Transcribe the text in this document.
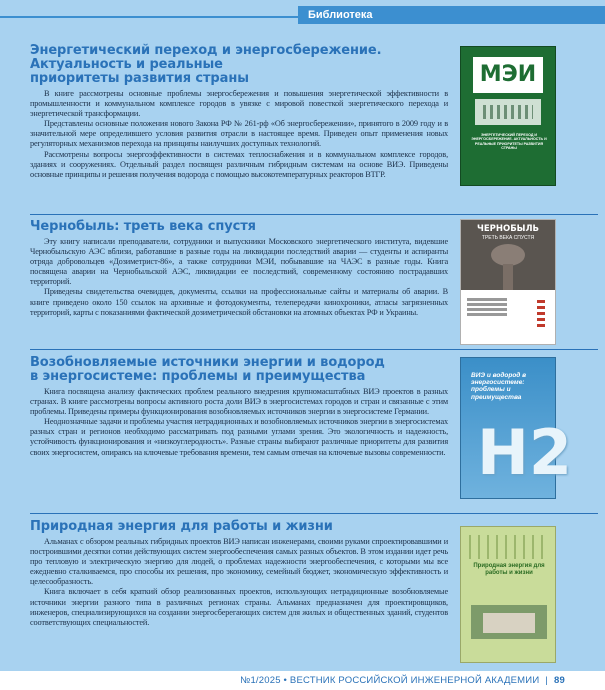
Библиотека
Энергетический переход и энергосбережение.
Актуальность и реальные
приоритеты развития страны

В книге рассмотрены основные проблемы энергосбережения и повышения энергетической эффективности в промышленности и коммунальном комплексе городов в увязке с мировой повесткой энергетического перехода и энергетической трансформации.

Представлены основные положения нового Закона РФ № 261-рф «Об энергосбережении», принятого в 2009 году и в значительной мере определившего условия развития отрасли в настоящее время. Приведен опыт применения новых регуляторных механизмов перехода на принципы наилучших доступных технологий.

Рассмотрены вопросы энергоэффективности в системах теплоснабжения и в коммунальном комплексе городов, зданиях и сооружениях. Отдельный раздел посвящен различным гибридным системам на основе ВИЭ. Приведены основные принципы и решения получения водорода с помощью высокотемпературных реакторов ВТГР.

МЭИ
ЭНЕРГЕТИЧЕСКИЙ ПЕРЕХОД И ЭНЕРГОСБЕРЕЖЕНИЕ. АКТУАЛЬНОСТЬ И РЕАЛЬНЫЕ ПРИОРИТЕТЫ РАЗВИТИЯ СТРАНЫ
Чернобыль: треть века спустя

Эту книгу написали преподаватели, сотрудники и выпускники Московского энергетического института, видевшие Чернобыльскую АЭС вблизи, работавшие в разные годы на ликвидации последствий аварии — студенты и аспиранты отряда добровольцев «Дозиметрист-86», а также сотрудники МЭИ, побывавшие на ЧАЭС в разные годы. Книга посвящена аварии на Чернобыльской АЭС, ликвидации ее последствий, современному состоянию пострадавших территорий.

Приведены свидетельства очевидцев, документы, ссылки на профессиональные сайты и материалы об аварии. В книге приведено около 150 ссылок на архивные и фотодокументы, телепередачи кинохроники, атласы загрязненных территорий, карты с показаниями фактической дозиметрической обстановки на атомных объектах РФ и Украины.

ЧЕРНОБЫЛЬ
ТРЕТЬ ВЕКА СПУСТЯ
Возобновляемые источники энергии и водород
в энергосистеме: проблемы и преимущества

Книга посвящена анализу фактических проблем реального внедрения крупномасштабных ВИЭ проектов в разных странах. В книге рассмотрены вопросы активного роста доли ВИЭ в энергосистемах городов и стран и связанные с этим проблемы. Приведены примеры функционирования возобновляемых источников энергии в энергосистеме Германии.

Неоднозначные задачи и проблемы участия нетрадиционных и возобновляемых источников энергии в энергосистемах разных стран и регионов необходимо рассматривать под разными углами зрения. Это экологичность и надежность, устойчивость функционирования и «низкоуглеродность». Разные страны выбирают различные приоритеты для развития своих энергосистем, опираясь на ключевые требования времени, тем самым отвечая на ключевые вызовы современности.

ВИЭ и водород в энергосистеме: проблемы и преимущества
H2
Природная энергия для работы и жизни

Альманах с обзором реальных гибридных проектов ВИЭ написан инженерами, своими руками спроектировавшими и построившими десятки сотни действующих систем энергообеспечения самых разных объектов. В этом издании идет речь про тепловую и электрическую энергию для людей, о проблемах надежности энергообеспечения, с которыми мы все ежедневно сталкиваемся, про способы их решения, про экономику, семейный бюджет, экономическую эффективность и целесообразность.

Книга включает в себя краткий обзор реализованных проектов, использующих нетрадиционные возобновляемые источники энергии разного типа в различных регионах страны. Альманах предназначен для проектировщиков, инженеров, специализирующихся на создании энергосберегающих систем для жилых и общественных зданий, студентов соответствующих специальностей.

Природная энергия для работы и жизни
№1/2025 • ВЕСТНИК РОССИЙСКОЙ ИНЖЕНЕРНОЙ АКАДЕМИИ | 89
